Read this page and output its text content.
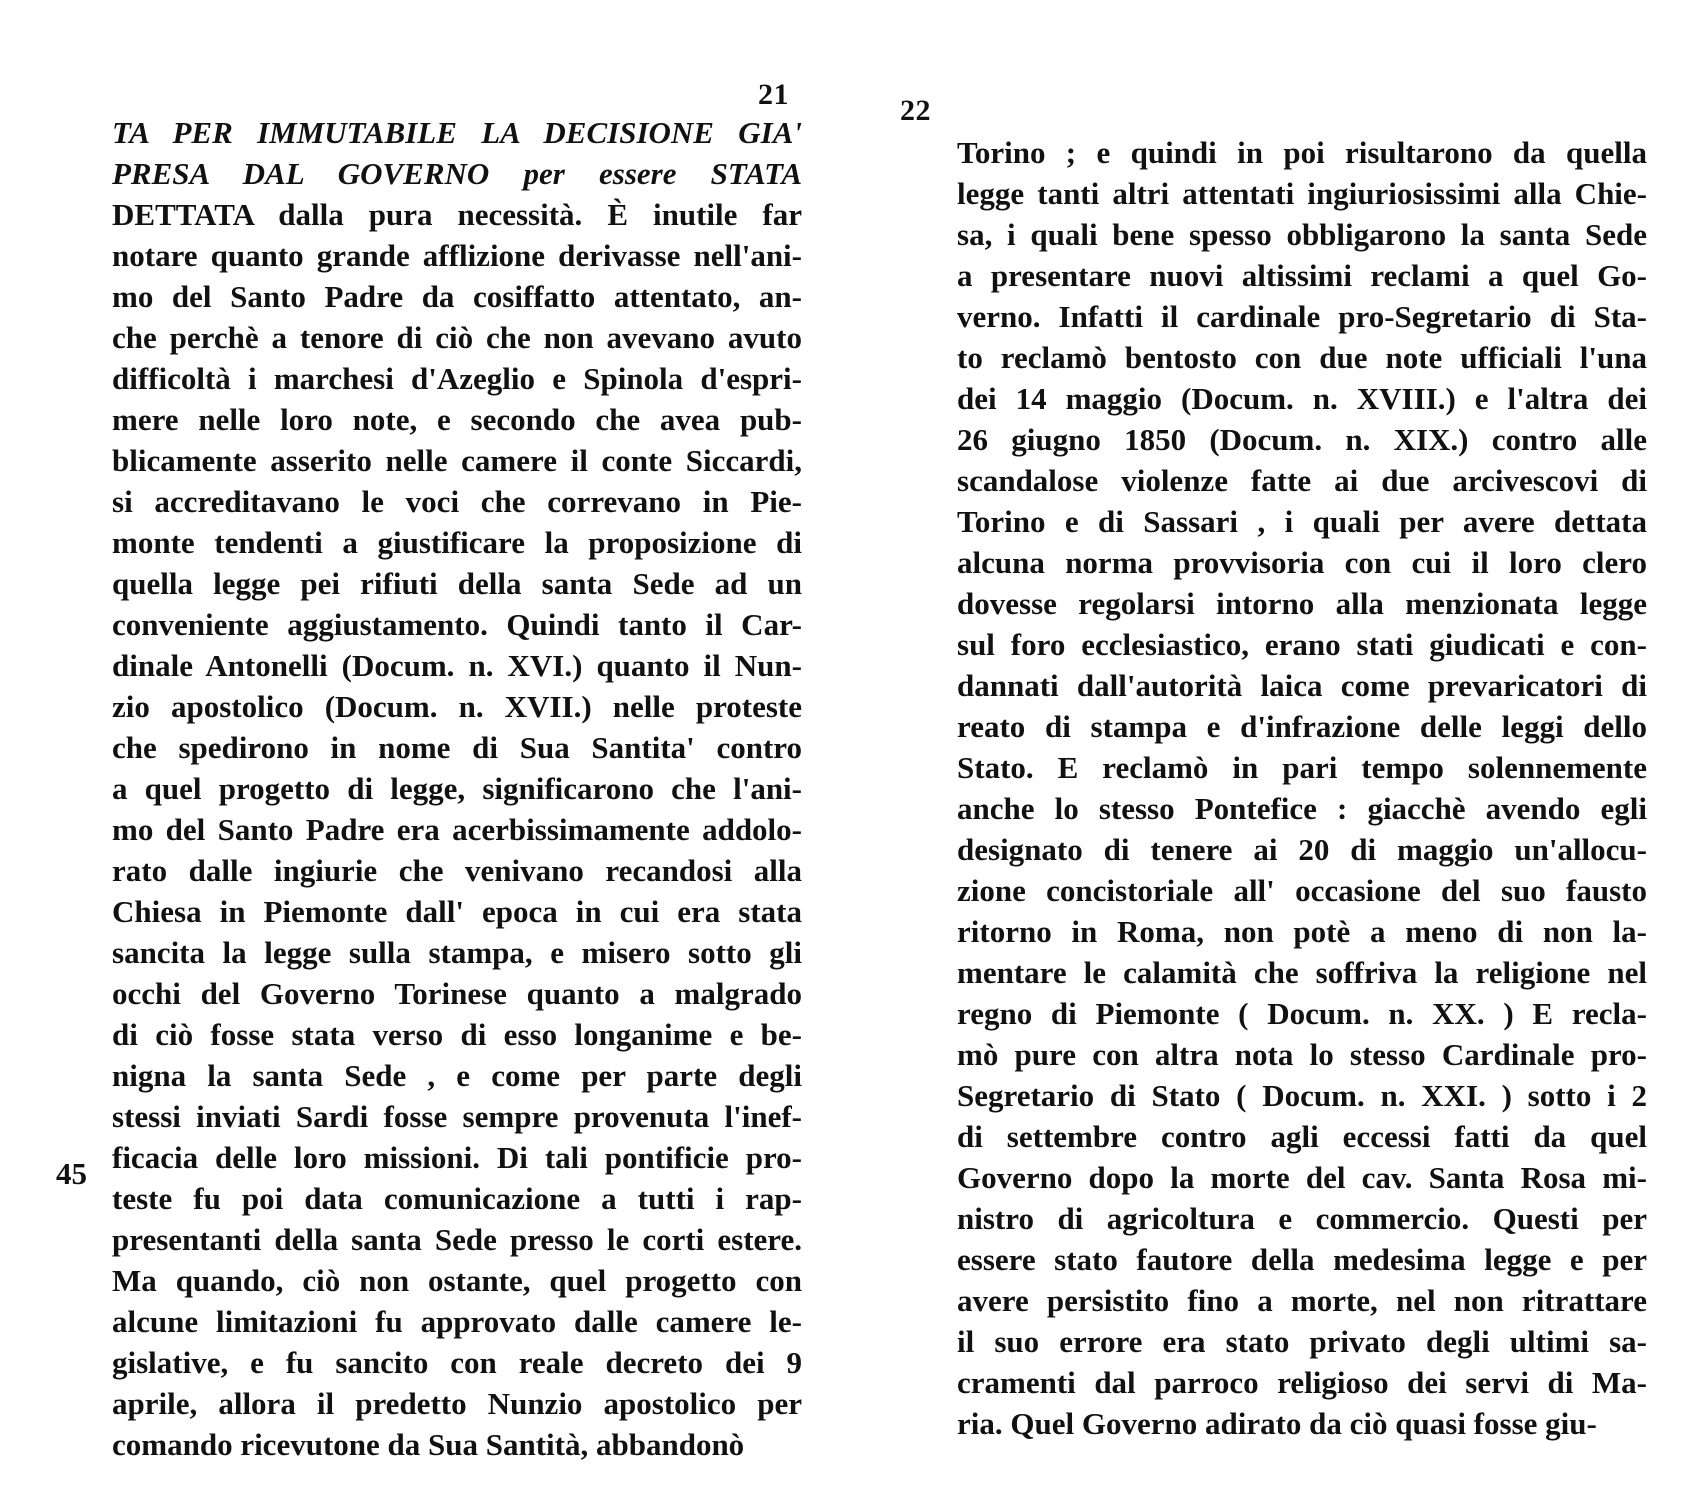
21	22
45
TA PER IMMUTABILE LA DECISIONE GIA'
PRESA DAL GOVERNO per essere STATA
DETTATA dalla pura necessità. È inutile far
notare quanto grande afflizione derivasse nell'ani-
mo del Santo Padre da cosiffatto attentato, an-
che perchè a tenore di ciò che non avevano avuto
difficoltà i marchesi d'Azeglio e Spinola d'espri-
mere nelle loro note, e secondo che avea pub-
blicamente asserito nelle camere il conte Siccardi,
si accreditavano le voci che correvano in Pie-
monte tendenti a giustificare la proposizione di
quella legge pei rifiuti della santa Sede ad un
conveniente aggiustamento. Quindi tanto il Car-
dinale Antonelli (Docum. n. XVI.) quanto il Nun-
zio apostolico (Docum. n. XVII.) nelle proteste
che spedirono in nome di Sua Santita' contro
a quel progetto di legge, significarono che l'ani-
mo del Santo Padre era acerbissimamente addolo-
rato dalle ingiurie che venivano recandosi alla
Chiesa in Piemonte dall' epoca in cui era stata
sancita la legge sulla stampa, e misero sotto gli
occhi del Governo Torinese quanto a malgrado
di ciò fosse stata verso di esso longanime e be-
nigna la santa Sede , e come per parte degli
stessi inviati Sardi fosse sempre provenuta l'inef-
ficacia delle loro missioni. Di tali pontificie pro-
teste fu poi data comunicazione a tutti i rap-
presentanti della santa Sede presso le corti estere.
Ma quando, ciò non ostante, quel progetto con
alcune limitazioni fu approvato dalle camere le-
gislative, e fu sancito con reale decreto dei 9
aprile, allora il predetto Nunzio apostolico per
comando ricevutone da Sua Santità, abbandonò
Torino ; e quindi in poi risultarono da quella
legge tanti altri attentati ingiuriosissimi alla Chie-
sa, i quali bene spesso obbligarono la santa Sede
a presentare nuovi altissimi reclami a quel Go-
verno. Infatti il cardinale pro-Segretario di Sta-
to reclamò bentosto con due note ufficiali l'una
dei 14 maggio (Docum. n. XVIII.) e l'altra dei
26 giugno 1850 (Docum. n. XIX.) contro alle
scandalose violenze fatte ai due arcivescovi di
Torino e di Sassari , i quali per avere dettata
alcuna norma provvisoria con cui il loro clero
dovesse regolarsi intorno alla menzionata legge
sul foro ecclesiastico, erano stati giudicati e con-
dannati dall'autorità laica come prevaricatori di
reato di stampa e d'infrazione delle leggi dello
Stato. E reclamò in pari tempo solennemente
anche lo stesso Pontefice : giacchè avendo egli
designato di tenere ai 20 di maggio un'allocu-
zione concistoriale all' occasione del suo fausto
ritorno in Roma, non potè a meno di non la-
mentare le calamità che soffriva la religione nel
regno di Piemonte ( Docum. n. XX. ) E recla-
mò pure con altra nota lo stesso Cardinale pro-
Segretario di Stato ( Docum. n. XXI. ) sotto i 2
di settembre contro agli eccessi fatti da quel
Governo dopo la morte del cav. Santa Rosa mi-
nistro di agricoltura e commercio. Questi per
essere stato fautore della medesima legge e per
avere persistito fino a morte, nel non ritrattare
il suo errore era stato privato degli ultimi sa-
cramenti dal parroco religioso dei servi di Ma-
ria. Quel Governo adirato da ciò quasi fosse giu-
